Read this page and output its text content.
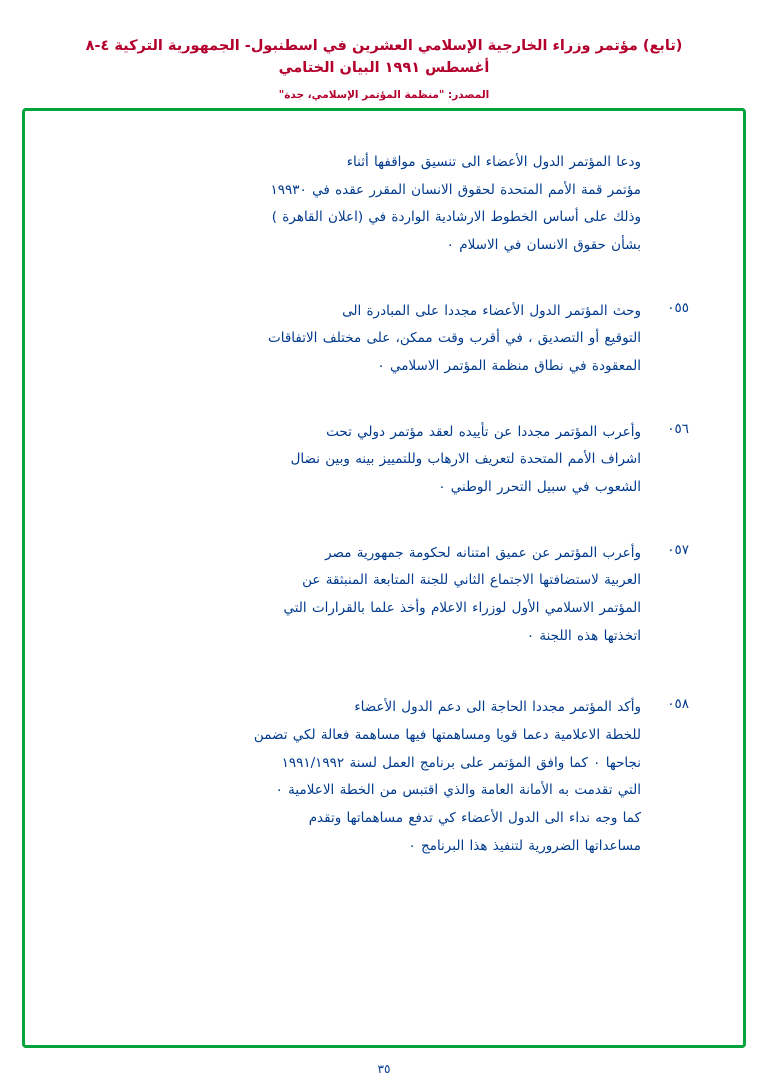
(تابع) مؤتمر وزراء الخارجية الإسلامي العشرين في اسطنبول- الجمهورية التركية ٤-٨ أغسطس ١٩٩١ البيان الختامي
المصدر: "منظمة المؤتمر الإسلامي، جدة"
ودعا المؤتمر الدول الأعضاء الى تنسيق مواقفها أثناء
مؤتمر قمة الأمم المتحدة لحقوق الانسان المقرر عقده في ١٩٩٣٠
وذلك على أساس الخطوط الارشادية الواردة في (اعلان القاهرة )
بشأن حقوق الانسان في الاسلام ٠
٠٥٥
وحث المؤتمر الدول الأعضاء مجددا على المبادرة الى
التوقيع أو التصديق ، في أقرب وقت ممكن، على مختلف الاتفاقات
المعقودة في نطاق منظمة المؤتمر الاسلامي ٠
٠٥٦
وأعرب المؤتمر مجددا عن تأييده لعقد مؤتمر دولي تحت
اشراف الأمم المتحدة لتعريف الارهاب وللتمييز بينه وبين نضال
الشعوب في سبيل التحرر الوطني ٠
٠٥٧
وأعرب المؤتمر عن عميق امتنانه لحكومة جمهورية مصر
العربية لاستضافتها الاجتماع الثاني للجنة المتابعة المنبثقة عن
المؤتمر الاسلامي الأول لوزراء الاعلام وأخذ علما بالقرارات التي
اتخذتها هذه اللجنة ٠
٠٥٨
وأكد المؤتمر مجددا الحاجة الى دعم الدول الأعضاء
للخطة الاعلامية دعما قويا ومساهمتها فيها مساهمة فعالة لكي تضمن
نجاحها ٠ كما وافق المؤتمر على برنامج العمل لسنة ١٩٩١/١٩٩٢
التي تقدمت به الأمانة العامة والذي اقتبس من الخطة الاعلامية ٠
كما وجه نداء الى الدول الأعضاء كي تدفع مساهماتها وتقدم
مساعداتها الضرورية لتنفيذ هذا البرنامج ٠
٣٥
